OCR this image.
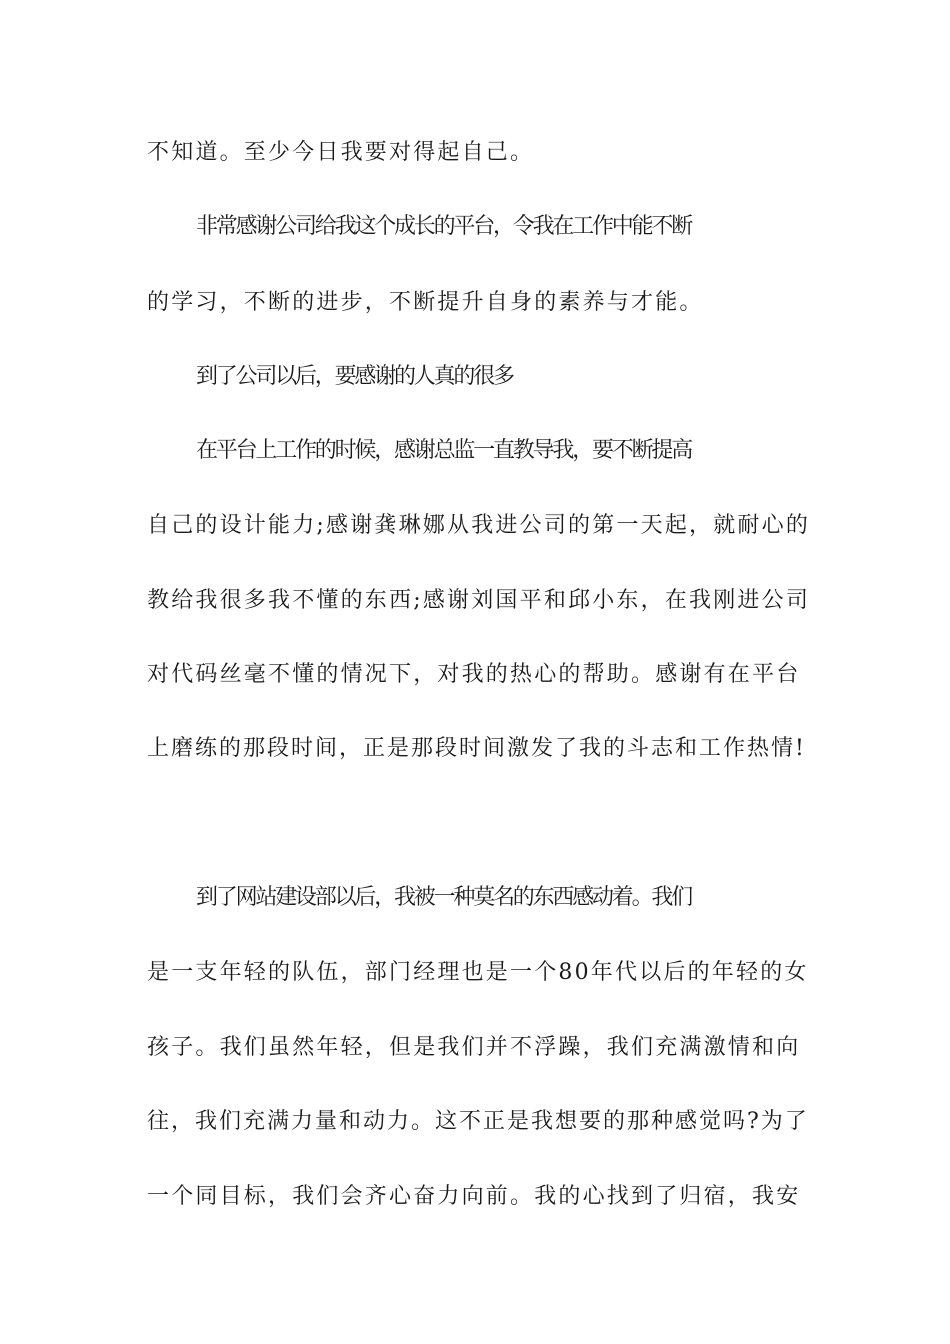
不知道。至少今日我要对得起自己。
非常感谢公司给我这个成长的平台，令我在工作中能不断
的学习，不断的进步，不断提升自身的素养与才能。
到了公司以后，要感谢的人真的很多
在平台上工作的时候，感谢总监一直教导我，要不断提高
自己的设计能力;感谢龚琳娜从我进公司的第一天起，就耐心的
教给我很多我不懂的东西;感谢刘国平和邱小东，在我刚进公司
对代码丝毫不懂的情况下，对我的热心的帮助。感谢有在平台
上磨练的那段时间，正是那段时间激发了我的斗志和工作热情!
到了网站建设部以后，我被一种莫名的东西感动着。我们
是一支年轻的队伍，部门经理也是一个80年代以后的年轻的女
孩子。我们虽然年轻，但是我们并不浮躁，我们充满激情和向
往，我们充满力量和动力。这不正是我想要的那种感觉吗?为了
一个同目标，我们会齐心奋力向前。我的心找到了归宿，我安
